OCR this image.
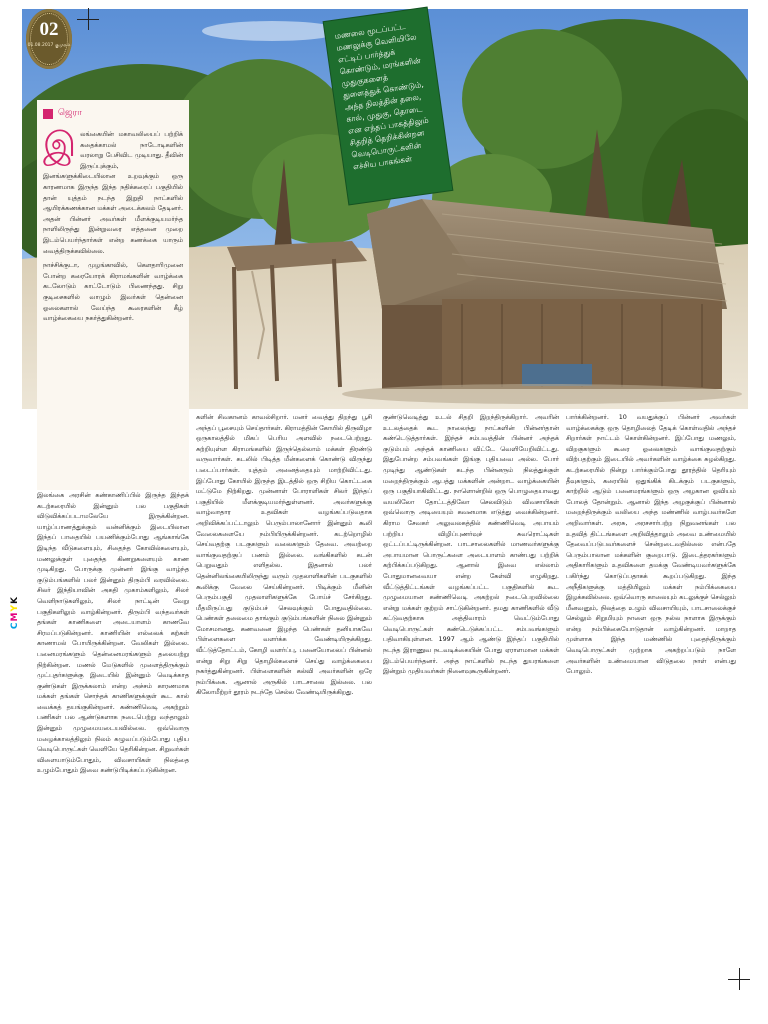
02
01.08.2017 குமுதம்

மணலை மூடப்பட்ட மணலுக்கு வெளியிலே எட்டிப் பார்த்துக் கொண்டும், மரங்களின் முதுகுகளைத் துளைத்துக் கொண்டும், அந்த நிலத்தின் தலை, கால், முதுகு, தொடை என எந்தப் பாகத்திலும் சிதறித் தெறிக்கின்றன வெடிபொருட்களின் எச்சிய பாகங்கள்

ஜெரா
இ லங்கையின் மகாவலியைப் பற்றிக் கதைக்காமல் நாடோடிகளின் வரலாறு பேசிவிட முடியாது. தீவின் இருப்புக்கும், இனங்களுக்கிடையிலான உறவுக்கும் ஒரு காரணமாக இருந்த இந்த நதிக்கரைப் பகுதியில் தான் யுத்தம் நடந்த இறுதி நாட்களில் ஆயிரக்கணக்கான மக்கள் அடைக்கலம் தேடினர். அதன் பின்னர் அவர்கள் மீளக்குடியமர்ந்த நாளிலிருந்து இன்றுவரை எத்தனை முறை இடம்பெயர்ந்தார்கள் என்ற கணக்கை யாரும் வைத்திருக்கவில்லை.

நாச்சிக்குடா, முழங்காவில், கௌதாரிமுனை போன்ற கரையோரக் கிராமங்களின் வாழ்க்கை கடலோடும் காட்டோடும் பிணைந்தது. சிறு குடிசைகளில் வாழும் இவர்கள் தென்னை ஓலைகளால் வேய்ந்த கூரைகளின் கீழ் வாழ்க்கையை நகர்த்துகின்றனர்.

CMYK

இலங்கை அரசின் கண்காணிப்பில் இருந்த இந்தக் கடற்கரையில் இன்னும் பல பகுதிகள் விடுவிக்கப்படாமலேயே இருக்கின்றன. யாழ்ப்பாணத்துக்கும் வன்னிக்கும் இடையிலான இந்தப் பாதையில் பயணிக்கும்போது ஆங்காங்கே இடிந்த வீடுகளையும், சிதைந்த கோவில்களையும், மணலுக்குள் புதைந்த கிணறுகளையும் காண முடிகிறது. போருக்கு முன்னர் இங்கு வாழ்ந்த குடும்பங்களில் பலர் இன்னும் திரும்பி வரவில்லை. சிலர் இந்தியாவின் அகதி முகாம்களிலும், சிலர் வெளிநாடுகளிலும், சிலர் நாட்டின் வேறு பகுதிகளிலும் வாழ்கின்றனர். திரும்பி வந்தவர்கள் தங்கள் காணிகளை அடையாளம் காணவே சிரமப்படுகின்றனர். காணியின் எல்லைக் கற்கள் காணாமல் போயிருக்கின்றன. வேலிகள் இல்லை. பனைமரங்களும் தென்னைமரங்களும் தலையற்று நிற்கின்றன. மணல் மேடுகளில் முளைத்திருக்கும் முட்புதர்களுக்கு இடையில் இன்னும் வெடிக்காத குண்டுகள் இருக்கலாம் என்ற அச்சம் காரணமாக மக்கள் தங்கள் சொந்தக் காணிகளுக்குள் கூட கால் வைக்கத் தயங்குகின்றனர். கண்ணிவெடி அகற்றும் பணிகள் பல ஆண்டுகளாக நடைபெற்று வந்தாலும் இன்னும் முழுமையடையவில்லை. ஒவ்வொரு மழைக்காலத்திலும் நிலம் கழுவப்படும்போது புதிய வெடிபொருட்கள் வெளியே தெரிகின்றன. சிறுவர்கள் விளையாடும்போதும், விவசாயிகள் நிலத்தை உழும்போதும் இவை கண்டுபிடிக்கப்படுகின்றன.

களின் சிவகானம் காவல்சிறார். மனர் வைத்து திறந்து பூசி அந்தப் பூசையும் செய்தார்கள். கிராமத்தின் கோயில் திருவிழா ஒருகாலத்தில் மிகப் பெரிய அளவில் நடைபெற்றது. சுற்றியுள்ள கிராமங்களில் இருந்தெல்லாம் மக்கள் திரண்டு வருவார்கள். கடலில் பிடித்த மீன்களைக் கொண்டு விருந்து படைப்பார்கள். யுத்தம் அனைத்தையும் மாற்றிவிட்டது. இப்போது கோயில் இருந்த இடத்தில் ஒரு சிறிய கொட்டகை மட்டுமே நிற்கிறது. முன்னாள் போராளிகள் சிலர் இந்தப் பகுதியில் மீளக்குடியமர்ந்துள்ளனர். அவர்களுக்கு வாழ்வாதார உதவிகள் வழங்கப்படுவதாக அறிவிக்கப்பட்டாலும் பெரும்பாலானோர் இன்னும் கூலி வேலைகளையே நம்பியிருக்கின்றனர். கடற்றொழில் செய்வதற்கு படகுகளும் வலைகளும் தேவை. அவற்றை வாங்குவதற்குப் பணம் இல்லை. வங்கிகளில் கடன் பெறுவதும் எளிதல்ல. இதனால் பலர் தென்னிலங்கையிலிருந்து வரும் முதலாளிகளின் படகுகளில் கூலிக்கு வேலை செய்கின்றனர். பிடிக்கும் மீனின் பெரும்பகுதி முதலாளிகளுக்கே போய்ச் சேர்கிறது. மீதமிருப்பது குடும்பச் செலவுக்கும் போதுவதில்லை. பெண்கள் தலைமை தாங்கும் குடும்பங்களின் நிலை இன்னும் மோசமானது. கணவனை இழந்த பெண்கள் தனியாகவே பிள்ளைகளை வளர்க்க வேண்டியிருக்கிறது. வீட்டுத்தோட்டம், கோழி வளர்ப்பு, பனையோலைப் பின்னல் என்று சிறு சிறு தொழில்களைச் செய்து வாழ்க்கையை நகர்த்துகின்றனர். பிள்ளைகளின் கல்வி அவர்களின் ஒரே நம்பிக்கை. ஆனால் அருகில் பாடசாலை இல்லை. பல கிலோமீற்றர் தூரம் நடந்தே செல்ல வேண்டியிருக்கிறது.

குண்டுவெடித்து உடல் சிதறி இறந்திருக்கிறார். அவரின் உடலத்தைக் கூட நாலைந்து நாட்களின் பின்னர்தான் கண்டெடுத்தார்கள். இந்தச் சம்பவத்தின் பின்னர் அந்தக் குடும்பம் அந்தக் காணியை விட்டே வெளியேறிவிட்டது. இதுபோன்ற சம்பவங்கள் இங்கு புதியவை அல்ல. போர் முடிந்து ஆண்டுகள் கடந்த பின்னரும் நிலத்துக்குள் மறைந்திருக்கும் ஆபத்து மக்களின் அன்றாட வாழ்க்கையின் ஒரு பகுதியாகிவிட்டது. நாளொன்றில் ஒரு பொழுதையாவது வயலிலோ தோட்டத்திலோ செலவிடும் விவசாயிகள் ஒவ்வொரு அடியையும் கவனமாக எடுத்து வைக்கின்றனர். கிராம சேவகர் அலுவலகத்தில் கண்ணிவெடி அபாயம் பற்றிய விழிப்புணர்வுச் சுவரொட்டிகள் ஒட்டப்பட்டிருக்கின்றன. பாடசாலைகளில் மாணவர்களுக்கு அபாயமான பொருட்களை அடையாளம் காண்பது பற்றிக் கற்பிக்கப்படுகிறது. ஆனால் இவை எல்லாம் போதுமானவையா என்ற கேள்வி எழுகிறது. வீட்டுத்திட்டங்கள் வழங்கப்பட்ட பகுதிகளில் கூட முழுமையான கண்ணிவெடி அகற்றல் நடைபெறவில்லை என்று மக்கள் குற்றம் சாட்டுகின்றனர். தமது காணிகளில் வீடு கட்டுவதற்காக அத்திவாரம் வெட்டும்போது வெடிபொருட்கள் கண்டெடுக்கப்பட்ட சம்பவங்களும் பதிவாகியுள்ளன. 1997 ஆம் ஆண்டு இந்தப் பகுதியில் நடந்த இராணுவ நடவடிக்கையின் போது ஏராளமான மக்கள் இடம்பெயர்ந்தனர். அந்த நாட்களில் நடந்த துயரங்களை இன்றும் முதியவர்கள் நினைவுகூருகின்றனர்.

பார்க்கின்றனர். 10 வயதுக்குப் பின்னர் அவர்கள் வாழ்க்கைக்கு ஒரு தொழிலைத் தேடிக் கொள்வதில் அந்தச் சிறார்கள் நாட்டம் கொள்கின்றனர். இப்போது மணலும், விறகுகளும் கூரை ஓலைகளும் வாங்குவதற்கும் விற்பதற்கும் இடையில் அவர்களின் வாழ்க்கை சுழல்கிறது. கடற்கரையில் நின்று பார்க்கும்போது தூரத்தில் தெரியும் தீவுகளும், கரையில் ஒதுங்கிக் கிடக்கும் படகுகளும், காற்றில் ஆடும் பனைமரங்களும் ஒரு அழகான ஓவியம் போலத் தோன்றும். ஆனால் இந்த அழகுக்குப் பின்னால் மறைந்திருக்கும் வலியை அந்த மண்ணில் வாழ்பவர்களே அறிவார்கள். அரசு, அரசசார்பற்ற நிறுவனங்கள் பல உதவித் திட்டங்களை அறிவித்தாலும் அவை உண்மையில் தேவைப்படுபவர்களைச் சென்றடைவதில்லை என்பதே பெரும்பாலான மக்களின் குறைபாடு. இடைத்தரகர்களும் அதிகாரிகளும் உதவிகளை தமக்கு வேண்டியவர்களுக்கே பகிர்ந்து கொடுப்பதாகக் கூறப்படுகிறது. இந்த அநீதிகளுக்கு மத்தியிலும் மக்கள் நம்பிக்கையை இழக்கவில்லை. ஒவ்வொரு காலையும் கடலுக்குச் செல்லும் மீனவனும், நிலத்தை உழும் விவசாயியும், பாடசாலைக்குச் செல்லும் சிறுமியும் நாளை ஒரு நல்ல நாளாக இருக்கும் என்ற நம்பிக்கையோடுதான் வாழ்கின்றனர். மாறாத முள்ளாக இந்த மண்ணில் புதைந்திருக்கும் வெடிபொருட்கள் முற்றாக அகற்றப்படும் நாளே அவர்களின் உண்மையான விடுதலை நாள் என்பது போலும்.
